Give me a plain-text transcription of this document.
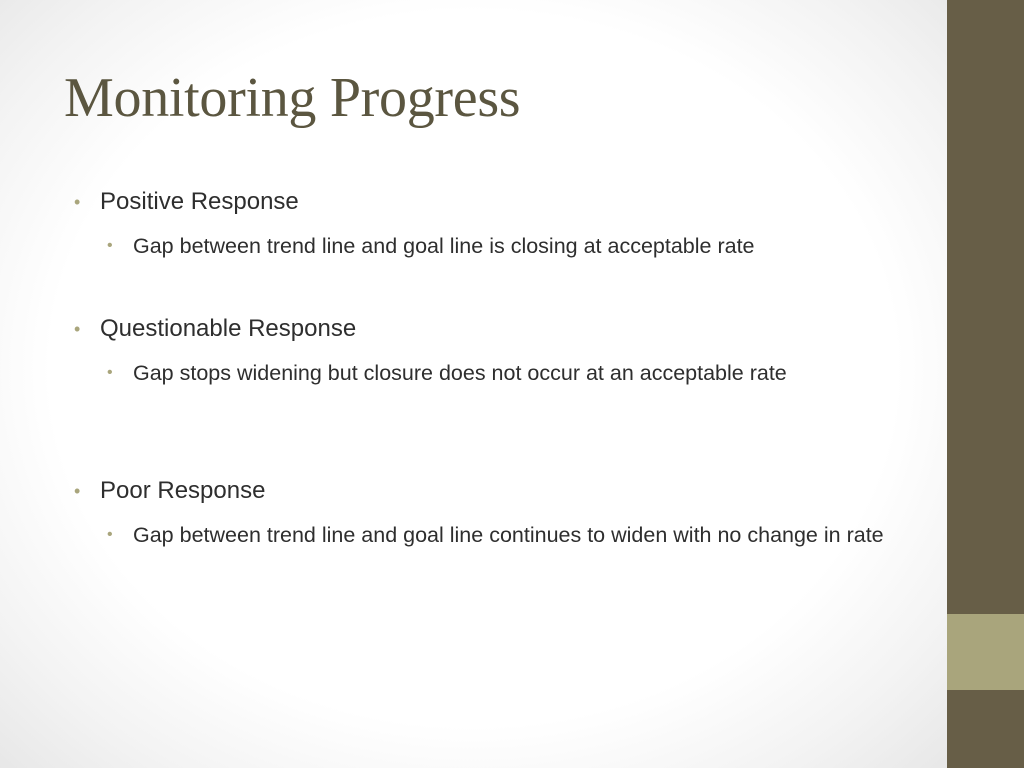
Monitoring Progress
• Positive Response
• Gap between trend line and goal line is closing at acceptable rate
• Questionable Response
• Gap stops widening but closure does not occur at an acceptable rate
• Poor Response
• Gap between trend line and goal line continues to widen with no change in rate
